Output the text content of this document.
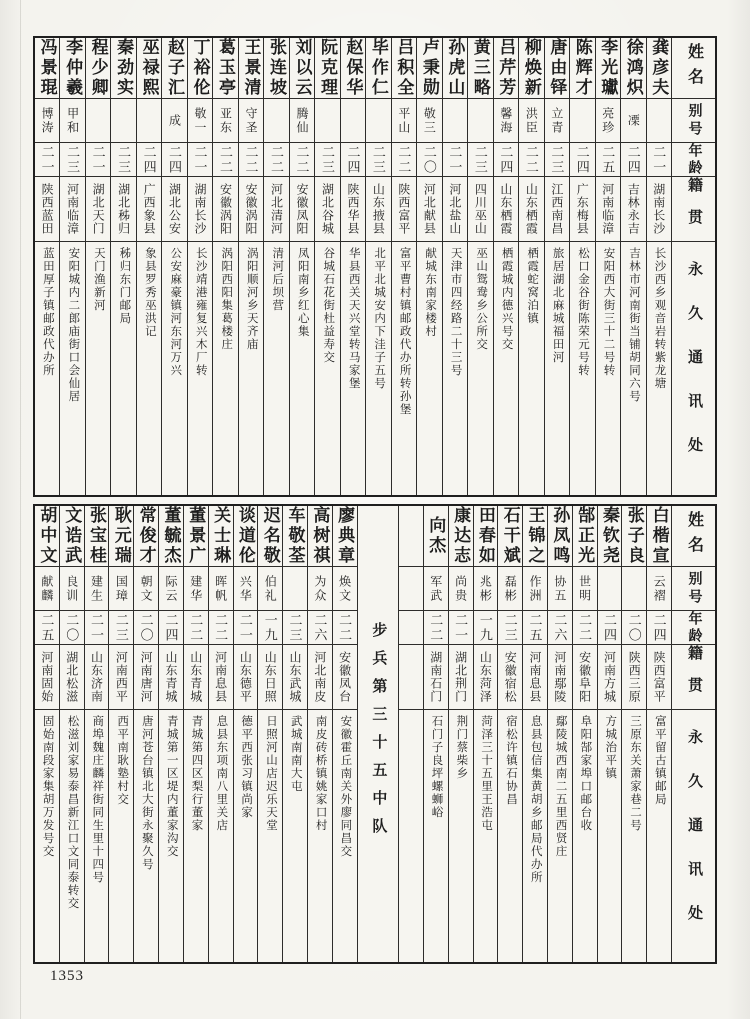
姓名
别号
年龄
籍贯
永久通讯处
龚彦夫
二一
湖南长沙
长沙西乡观音岩转紫龙塘
徐鸿炽
凓
二四
吉林永吉
吉林市河南街当铺胡同六号
李光瓛
亮珍
二五
河南临漳
安阳西大街三十二号转
陈辉才
二四
广东梅县
松口金谷街陈荣元号转
唐由铎
立青
二三
江西南昌
旅居湖北麻城福田河
柳焕新
洪臣
二二
山东栖霞
栖霞蛇窝泊镇
吕芹芳
馨海
二四
山东栖霞
栖霞城内德兴号交
黄三略
二三
四川巫山
巫山鸳鸯乡公所交
孙虎山
二一
河北盐山
天津市四经路二十三号
卢秉勋
敬三
二〇
河北献县
献城东南家楼村
吕积全
平山
二二
陕西富平
富平曹村镇邮政代办所转孙堡
毕作仁
二三
山东掖县
北平北城安内下洼子五号
赵保华
二四
陕西华县
华县西关天兴堂转马家堡
阮克理
二三
湖北谷城
谷城石花街杜益寿交
刘以云
腾仙
二二
安徽凤阳
凤阳南乡红心集
张连坡
二二
河北清河
清河后坝营
王景清
守圣
二二
安徽涡阳
涡阳顺河乡天齐庙
葛玉亭
亚东
二二
安徽涡阳
涡阳西阳集葛楼庄
丁裕伦
敬一
二一
湖南长沙
长沙靖港雍复兴木厂转
赵子汇
成
二四
湖北公安
公安麻豪镇河东河万兴
巫禄熙
二四
广西象县
象县罗秀巫洪记
秦劲实
二三
湖北秭归
秭归东门邮局
程少卿
二一
湖北天门
天门渔新河
李仲羲
甲和
二三
河南临漳
安阳城内二郎庙街口会仙居
冯景琨
博涛
二一
陕西蓝田
蓝田厚子镇邮政代办所
姓名
别号
年龄
籍贯
永久通讯处
白楷宣
云褶
二四
陕西富平
富平留古镇邮局
张子良
二〇
陕西三原
三原东关萧家巷二号
秦钦尧
二四
河南方城
方城治平镇
郜正光
世明
二二
安徽阜阳
阜阳郜家埠口邮台收
孙凤鸣
协五
二六
河南鄢陵
鄢陵城西南二五里西贤庄
王锦之
作洲
二五
河南息县
息县包信集黄胡乡邮局代办所
石干斌
磊彬
二三
安徽宿松
宿松许镇石协昌
田春如
兆彬
一九
山东菏泽
菏泽三十五里王浩屯
康达志
尚贵
二一
湖北荆门
荆门蔡柴乡
向杰
军武
二二
湖南石门
石门子良坪螺蛳峪
步兵第三十五中队
廖典章
焕文
二二
安徽凤台
安徽霍丘南关外廖同昌交
高树祺
为众
二六
河北南皮
南皮砖桥镇姚家口村
车敬荃
二三
山东武城
武城南南大屯
迟名敬
伯礼
一九
山东日照
日照河山店迟乐天堂
谈道伦
兴华
二一
山东德平
德平西张习镇尚家
关士琳
晖帆
二二
河南息县
息县东项南八里关店
董景广
建华
二二
山东青城
青城第四区梨行董家
董毓杰
际云
二四
山东青城
青城第一区堤内董家沟交
常俊才
朝文
二〇
河南唐河
唐河苍台镇北大街永聚久号
耿元瑞
国璋
二三
河南西平
西平南耿塾村交
张宝桂
建生
二一
山东济南
商埠魏庄麟祥街同生里十四号
文诰武
良训
二〇
湖北松滋
松滋刘家易泰昌新江口文同泰转交
胡中文
献麟
二五
河南固始
固始南段家集胡万发号交
1353
